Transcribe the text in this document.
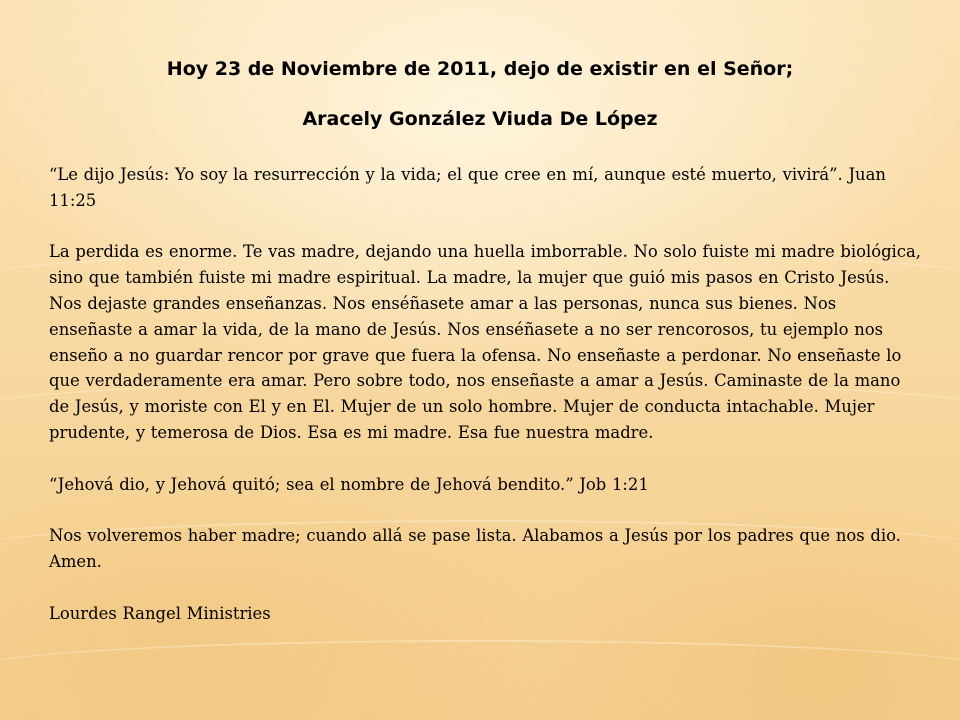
Hoy 23 de Noviembre de 2011, dejo de existir en el Señor;
Aracely González Viuda De López

“Le dijo Jesús: Yo soy la resurrección y la vida; el que cree en mí, aunque esté muerto, vivirá”. Juan 11:25

La perdida es enorme. Te vas madre, dejando una huella imborrable. No solo fuiste mi madre biológica, sino que también fuiste mi madre espiritual. La madre, la mujer que guió mis pasos en Cristo Jesús. Nos dejaste grandes enseñanzas. Nos enséñasete amar a las personas, nunca sus bienes. Nos enseñaste a amar la vida, de la mano de Jesús. Nos enséñasete a no ser rencorosos, tu ejemplo nos enseño a no guardar rencor por grave que fuera la ofensa. No enseñaste a perdonar. No enseñaste lo que verdaderamente era amar. Pero sobre todo, nos enseñaste a amar a Jesús. Caminaste de la mano de Jesús, y moriste con El y en El. Mujer de un solo hombre. Mujer de conducta intachable. Mujer prudente, y temerosa de Dios. Esa es mi madre. Esa fue nuestra madre.

“Jehová dio, y Jehová quitó; sea el nombre de Jehová bendito.” Job 1:21

Nos volveremos haber madre; cuando allá se pase lista. Alabamos a Jesús por los padres que nos dio. Amen.

Lourdes Rangel Ministries
